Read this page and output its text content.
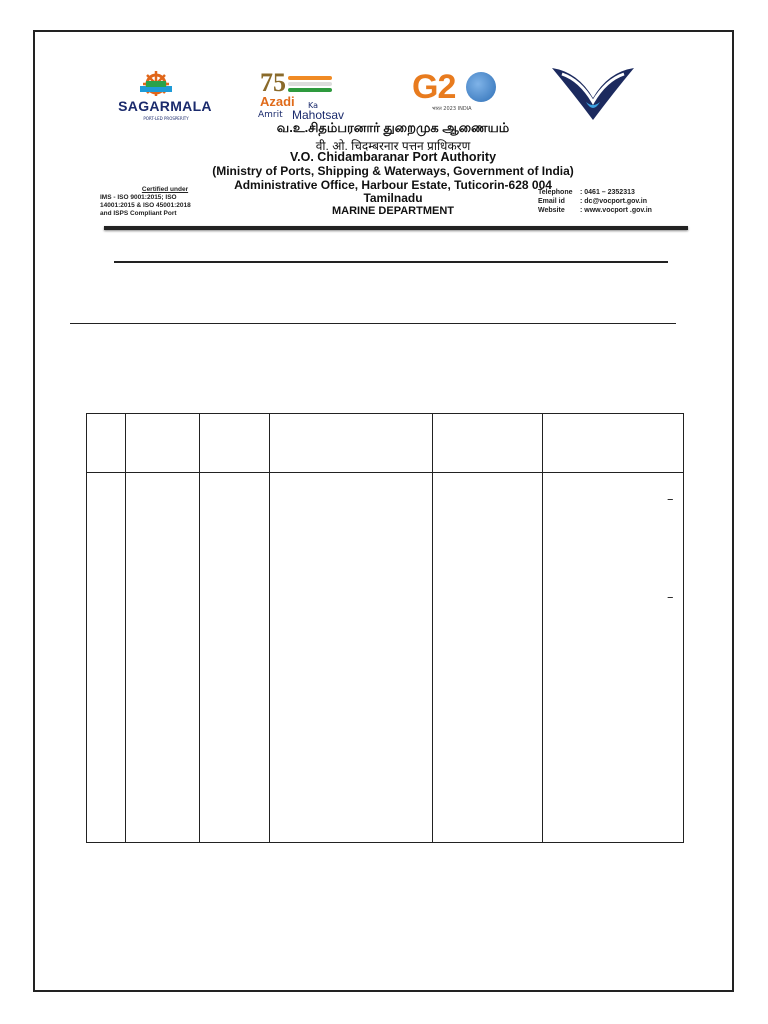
SAGARMALA
PORT-LED PROSPERITY
75
Azadi Ka
Amrit Mahotsav
G2
भारत 2023 INDIA
வ.உ.சிதம்பரனார் துறைமுக ஆணையம்
वी. ओ. चिदम्बरनार पत्तन प्राधिकरण
V.O. Chidambaranar Port Authority
(Ministry of Ports, Shipping & Waterways, Government of India)
Administrative Office, Harbour Estate, Tuticorin-628 004
Tamilnadu
MARINE DEPARTMENT
Certified under
IMS - ISO 9001:2015; ISO
14001:2015 & ISO 45001:2018
and ISPS Compliant Port
Telephone	: 0461 – 2352313
Email id	: dc@vocport.gov.in
Website	: www.vocport .gov.in
–
–
